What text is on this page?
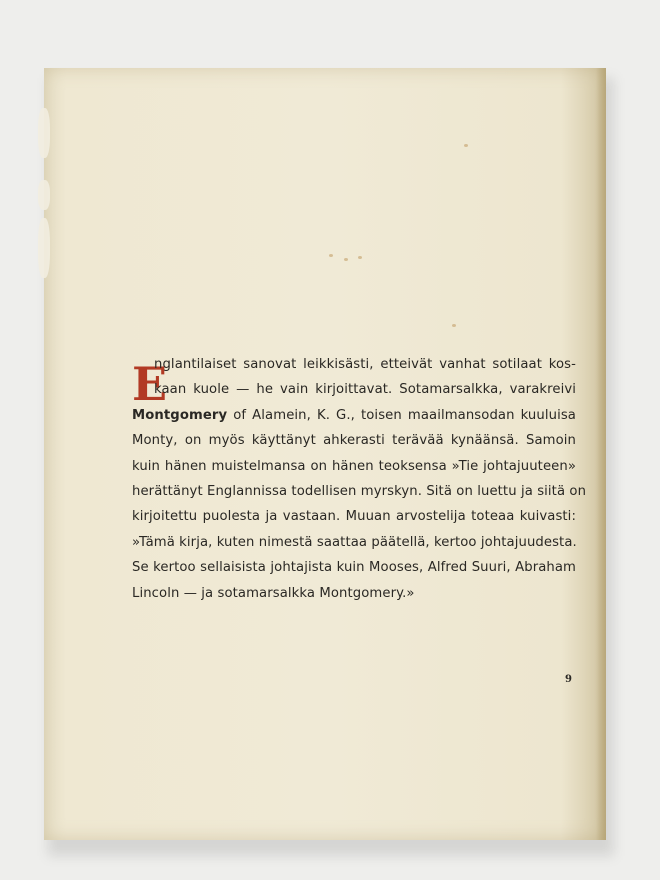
E
nglantilaiset sanovat leikkisästi, etteivät vanhat sotilaat kos-
kaan kuole — he vain kirjoittavat. Sotamarsalkka, varakreivi
Montgomery of Alamein, K. G., toisen maailmansodan kuuluisa
Monty, on myös käyttänyt ahkerasti terävää kynäänsä. Samoin
kuin hänen muistelmansa on hänen teoksensa »Tie johtajuuteen»
herättänyt Englannissa todellisen myrskyn. Sitä on luettu ja siitä on
kirjoitettu puolesta ja vastaan. Muuan arvostelija toteaa kuivasti:
»Tämä kirja, kuten nimestä saattaa päätellä, kertoo johtajuudesta.
Se kertoo sellaisista johtajista kuin Mooses, Alfred Suuri, Abraham
Lincoln — ja sotamarsalkka Montgomery.»
9
